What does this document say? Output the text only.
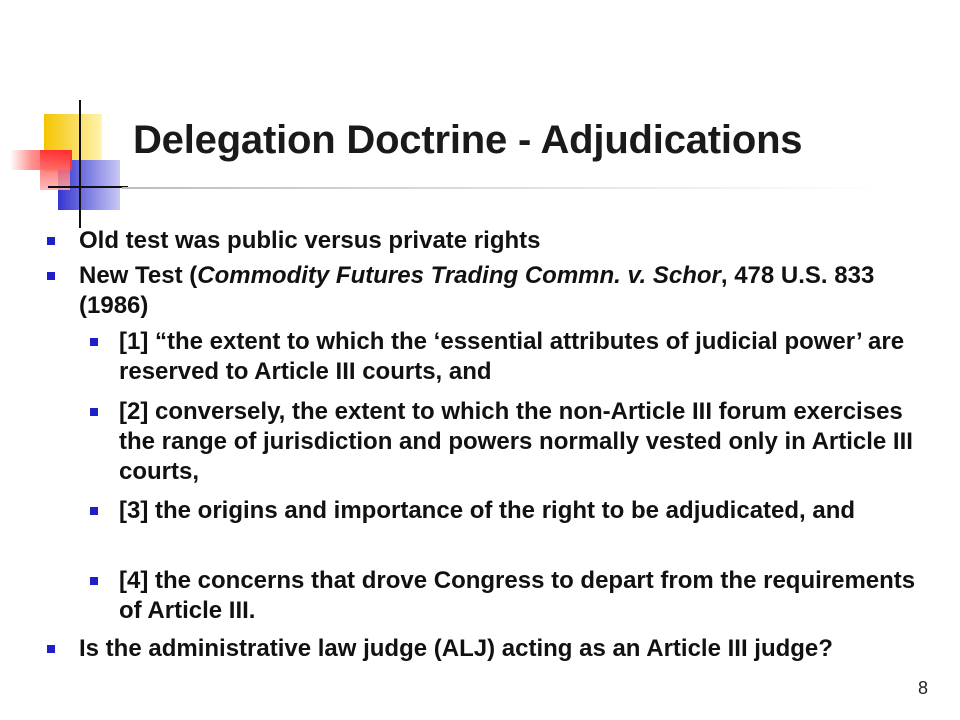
Delegation Doctrine - Adjudications
Old test was public versus private rights
New Test (Commodity Futures Trading Commn. v. Schor, 478 U.S. 833 (1986)
[1] “the extent to which the ‘essential attributes of judicial power’ are reserved to Article III courts, and
[2] conversely, the extent to which the non-Article III forum exercises the range of jurisdiction and powers normally vested only in Article III courts,
[3] the origins and importance of the right to be adjudicated, and
[4] the concerns that drove Congress to depart from the requirements of Article III.
Is the administrative law judge (ALJ) acting as an Article III judge?
8
